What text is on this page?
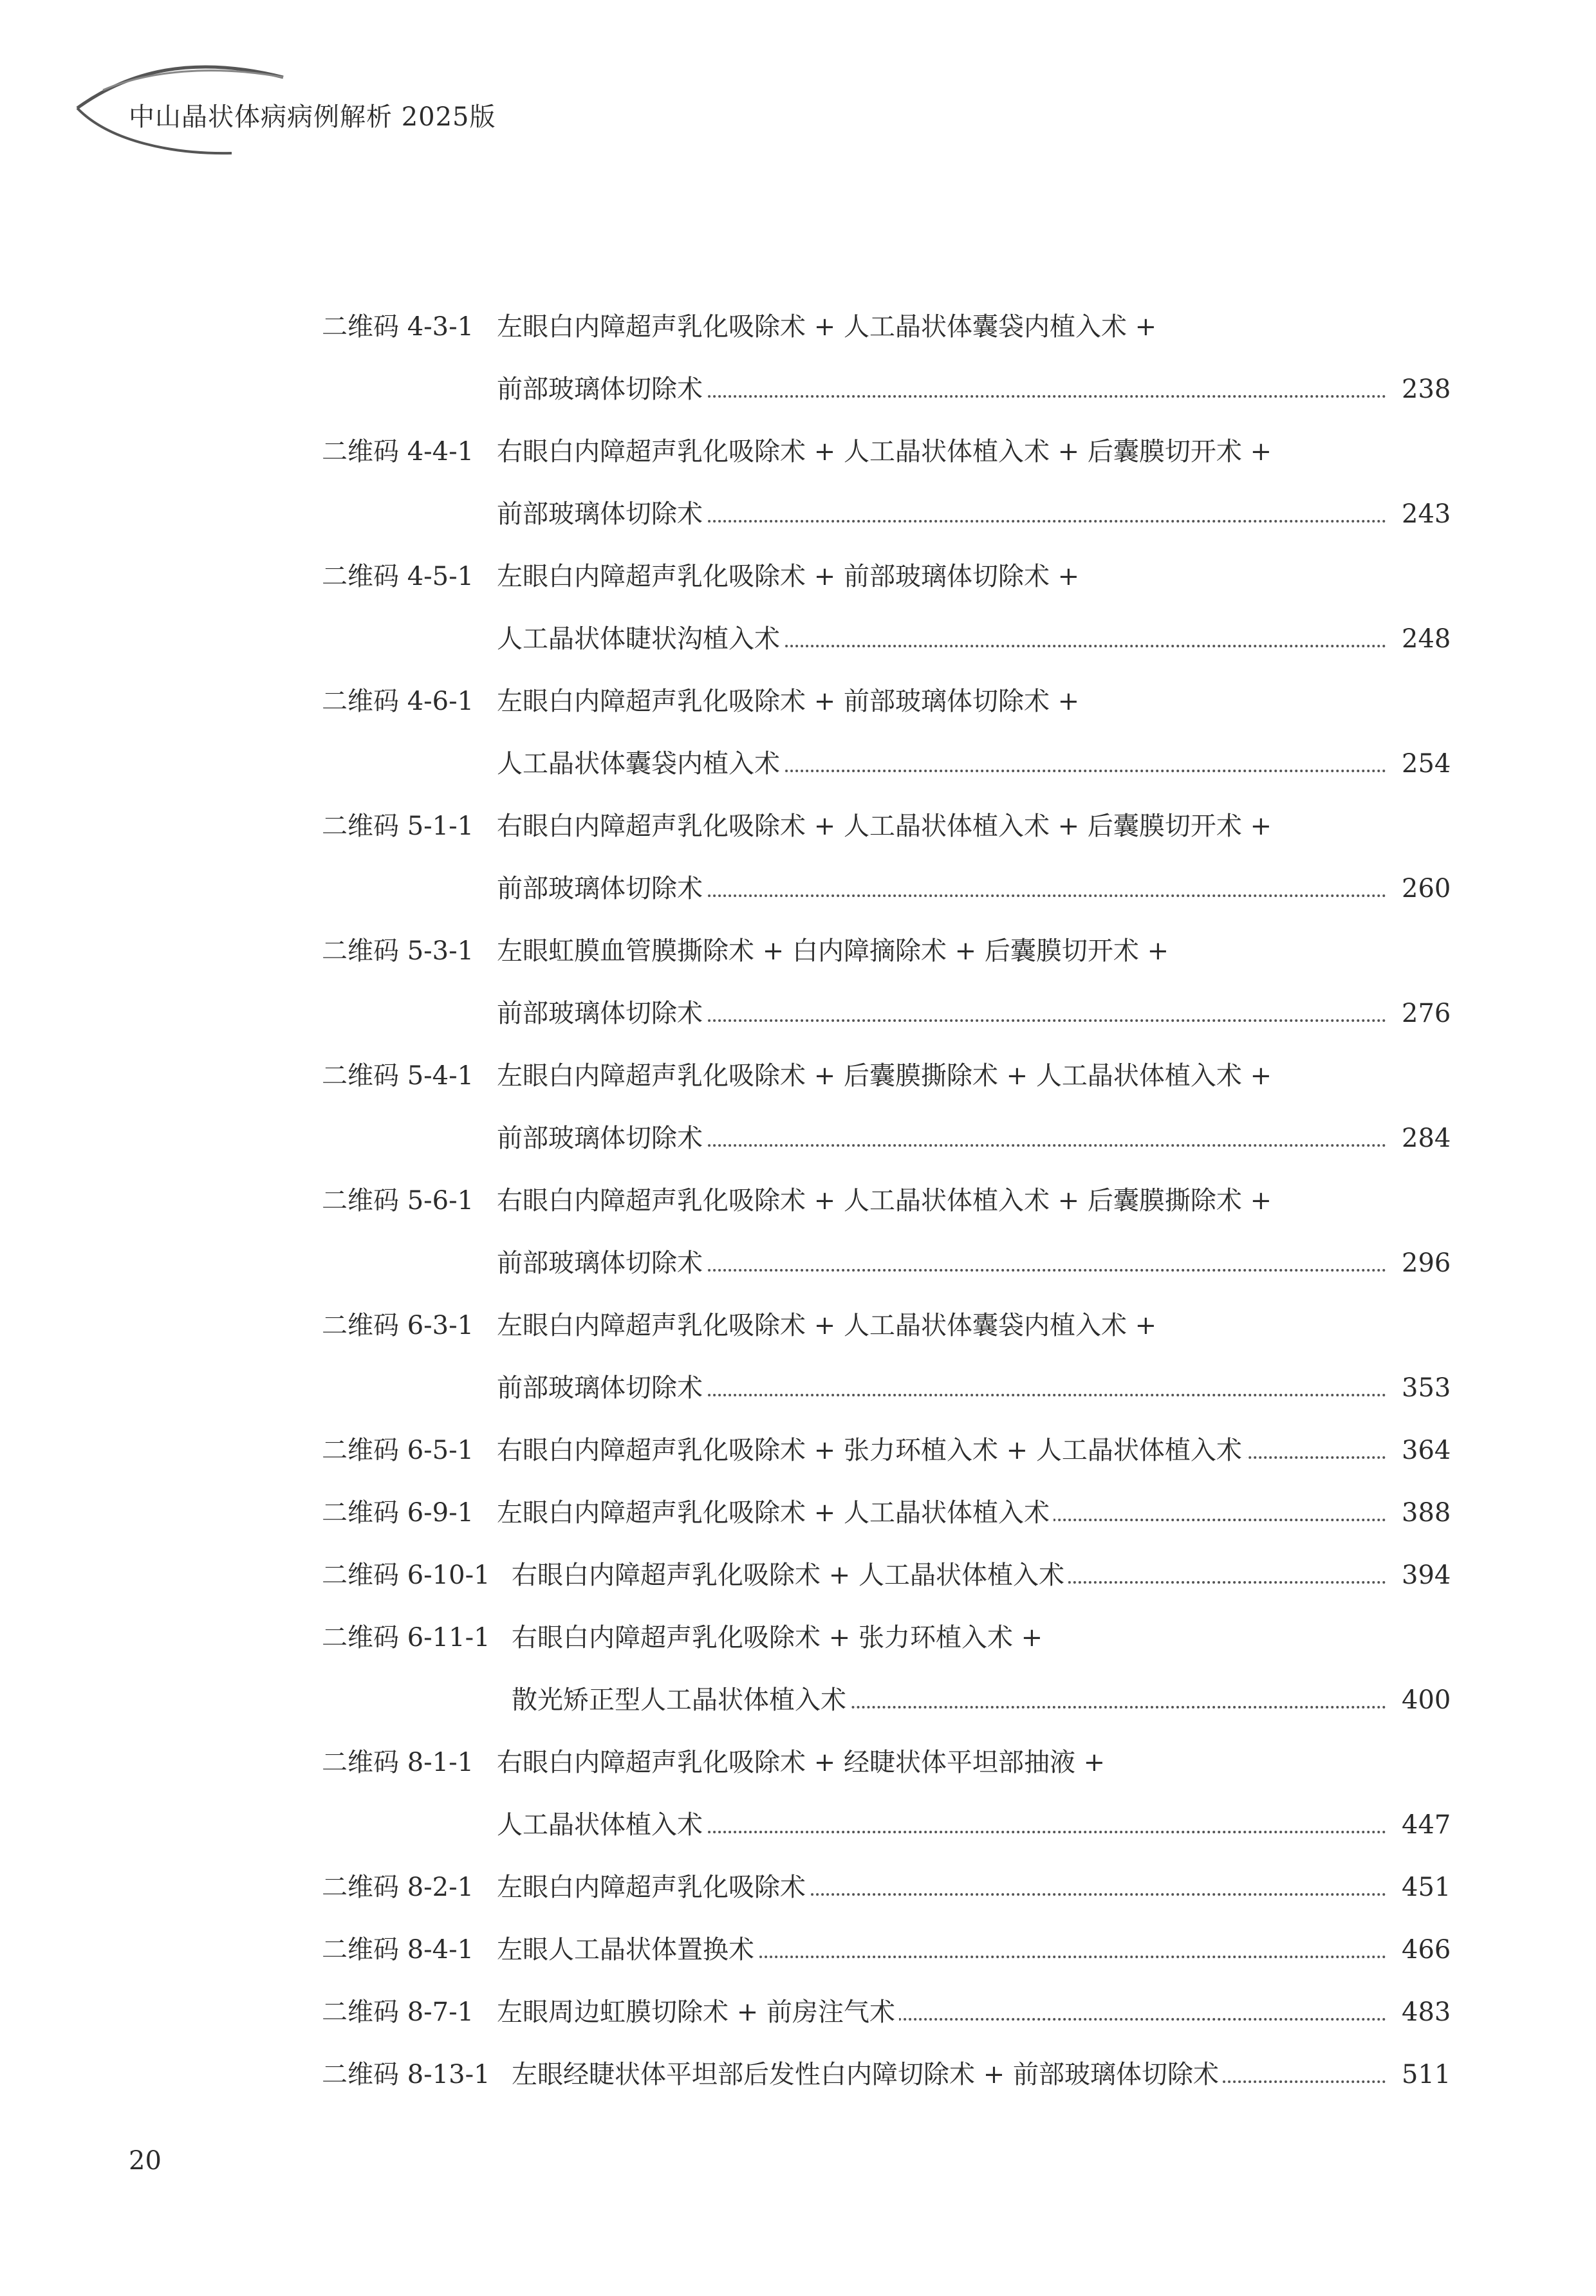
中山晶状体病病例解析 2025版
二维码 4-3-1 左眼白内障超声乳化吸除术 + 人工晶状体囊袋内植入术 +
前部玻璃体切除术	238
二维码 4-4-1 右眼白内障超声乳化吸除术 + 人工晶状体植入术 + 后囊膜切开术 +
前部玻璃体切除术	243
二维码 4-5-1 左眼白内障超声乳化吸除术 + 前部玻璃体切除术 +
人工晶状体睫状沟植入术	248
二维码 4-6-1 左眼白内障超声乳化吸除术 + 前部玻璃体切除术 +
人工晶状体囊袋内植入术	254
二维码 5-1-1 右眼白内障超声乳化吸除术 + 人工晶状体植入术 + 后囊膜切开术 +
前部玻璃体切除术	260
二维码 5-3-1 左眼虹膜血管膜撕除术 + 白内障摘除术 + 后囊膜切开术 +
前部玻璃体切除术	276
二维码 5-4-1 左眼白内障超声乳化吸除术 + 后囊膜撕除术 + 人工晶状体植入术 +
前部玻璃体切除术	284
二维码 5-6-1 右眼白内障超声乳化吸除术 + 人工晶状体植入术 + 后囊膜撕除术 +
前部玻璃体切除术	296
二维码 6-3-1 左眼白内障超声乳化吸除术 + 人工晶状体囊袋内植入术 +
前部玻璃体切除术	353
二维码 6-5-1 右眼白内障超声乳化吸除术 + 张力环植入术 + 人工晶状体植入术	364
二维码 6-9-1 左眼白内障超声乳化吸除术 + 人工晶状体植入术	388
二维码 6-10-1 右眼白内障超声乳化吸除术 + 人工晶状体植入术	394
二维码 6-11-1 右眼白内障超声乳化吸除术 + 张力环植入术 +
散光矫正型人工晶状体植入术	400
二维码 8-1-1 右眼白内障超声乳化吸除术 + 经睫状体平坦部抽液 +
人工晶状体植入术	447
二维码 8-2-1 左眼白内障超声乳化吸除术	451
二维码 8-4-1 左眼人工晶状体置换术	466
二维码 8-7-1 左眼周边虹膜切除术 + 前房注气术	483
二维码 8-13-1 左眼经睫状体平坦部后发性白内障切除术 + 前部玻璃体切除术	511
20
